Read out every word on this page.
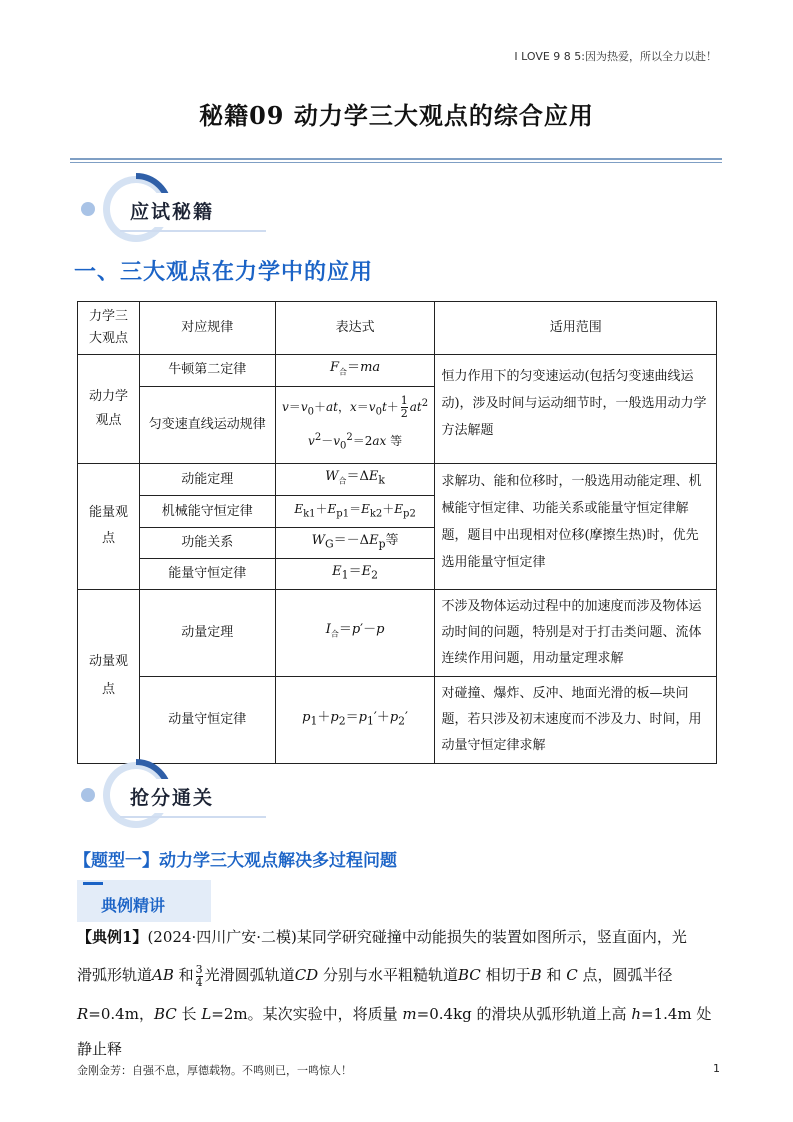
I LOVE 9 8 5:因为热爱，所以全力以赴！
秘籍09 动力学三大观点的综合应用
应试秘籍
一、三大观点在力学中的应用
力学三大观点	对应规律	表达式	适用范围
动力学观点	牛顿第二定律	$F_合=ma$	恒力作用下的匀变速运动(包括匀变速曲线运动)，涉及时间与运动细节时，一般选用动力学方法解题
	匀变速直线运动规律	$v=v_0+at$，$x=v_0t+ \frac{1}{2} at^2$
$v^2-v_0^2=2ax$ 等	
能量观点	动能定理	$W_合=\Delta E_k$	求解功、能和位移时，一般选用动能定理、机械能守恒定律、功能关系或能量守恒定律解题，题目中出现相对位移(摩擦生热)时，优先选用能量守恒定律
	机械能守恒定律	$E_{k1}+E_{p1}=E_{k2}+E_{p2}$
	功能关系	$W_G=-\Delta E_p$等	
	能量守恒定律	$E_1=E_2$
动量观点	动量定理	$I_合=p'-p$	不涉及物体运动过程中的加速度而涉及物体运动时间的问题，特别是对于打击类问题、流体连续作用问题，用动量定理求解
	动量守恒定律	$p_1+p_2=p_1'+p_2'$	对碰撞、爆炸、反冲、地面光滑的板—块问题，若只涉及初末速度而不涉及力、时间，用动量守恒定律求解
抢分通关
【题型一】动力学三大观点解决多过程问题
典例精讲
【典例1】(2024·四川广安·二模)某同学研究碰撞中动能损失的装置如图所示，竖直面内，光
滑弧形轨道AB 和 $\frac{3}{4}$ 光滑圆弧轨道CD 分别与水平粗糙轨道BC 相切于B 和 C 点，圆弧半径
R=0.4m，BC 长 L=2m。某次实验中，将质量 m=0.4kg 的滑块从弧形轨道上高 h=1.4m 处静止释
金刚金芳：自强不息，厚德载物。不鸣则已，一鸣惊人！	1
